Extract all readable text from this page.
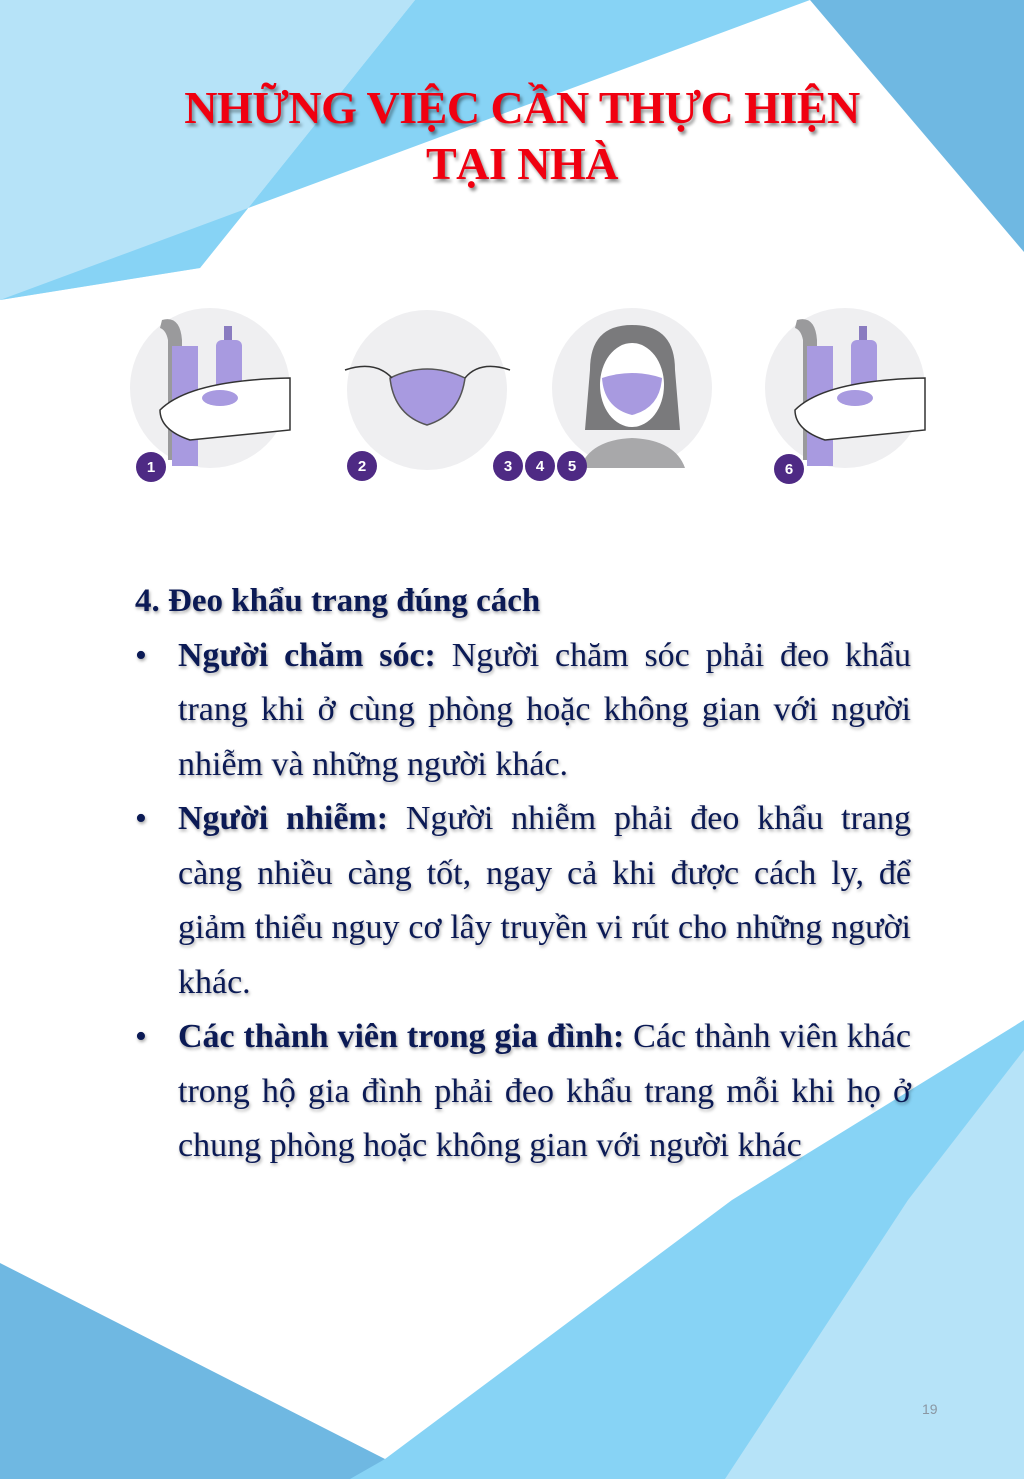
NHỮNG VIỆC CẦN THỰC HIỆN
TẠI NHÀ
1	2	3 4 5	6

4. Đeo khẩu trang đúng cách

• Người chăm sóc: Người chăm sóc phải đeo khẩu trang khi ở cùng phòng hoặc không gian với người nhiễm và những người khác.
• Người nhiễm: Người nhiễm phải đeo khẩu trang càng nhiều càng tốt, ngay cả khi được cách ly, để giảm thiểu nguy cơ lây truyền vi rút cho những người khác.
• Các thành viên trong gia đình: Các thành viên khác trong hộ gia đình phải đeo khẩu trang mỗi khi họ ở chung phòng hoặc không gian với người khác
19
